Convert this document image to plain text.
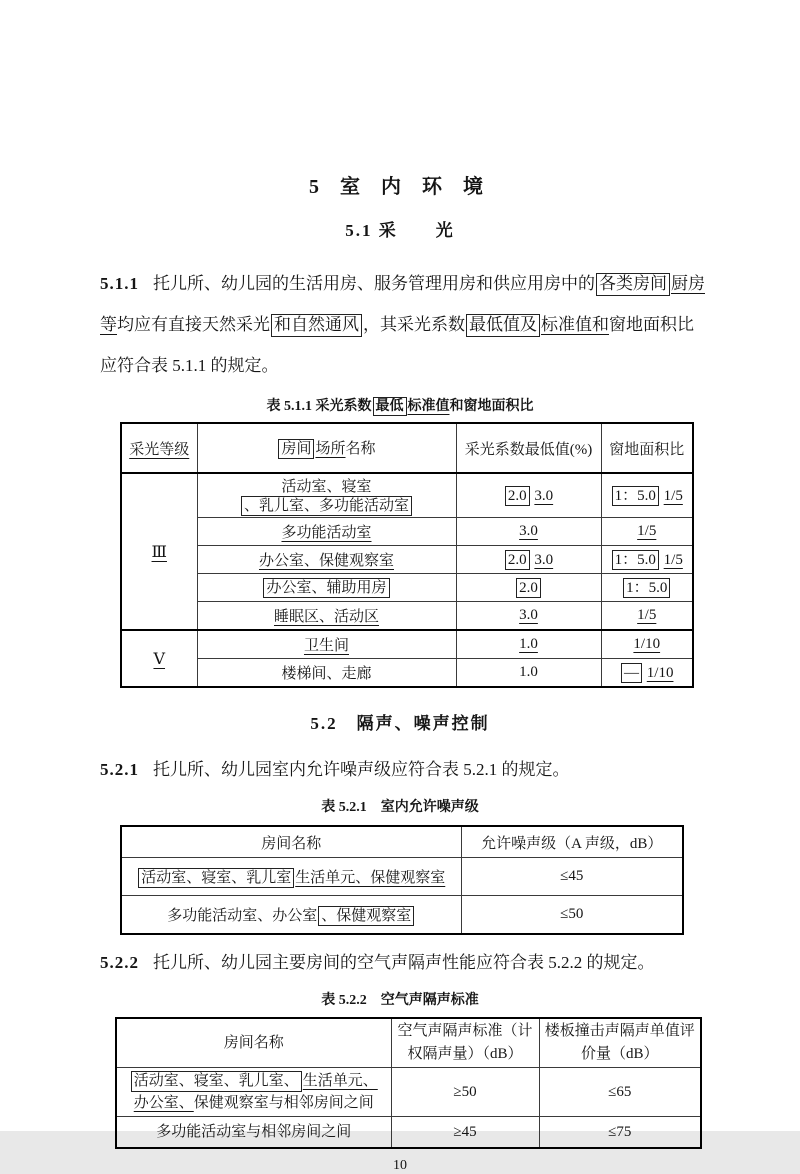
5 室 内 环 境
5.1 采　　光
5.1.1 托儿所、幼儿园的生活用房、服务管理用房和供应用房中的 各类房间 厨房
等均应有直接天然采光 和自然通风 ，其采光系数 最低值及 标准值和窗地面积比
应符合表 5.1.1 的规定。
表 5.1.1 采光系数 最低 标准值和窗地面积比
采光等级	房间 场所名称	采光系数最低值(%)	窗地面积比
Ⅲ	活动室、寝室、乳儿室、多功能活动室	2.0 3.0	1：5.0 1/5
	多功能活动室	3.0	1/5
	办公室、保健观察室	2.0 3.0	1：5.0 1/5
	办公室、辅助用房	2.0	1：5.0
	睡眠区、活动区	3.0	1/5
Ⅴ	卫生间	1.0	1/10
	楼梯间、走廊	1.0	— 1/10
5.2　隔声、噪声控制
5.2.1 托儿所、幼儿园室内允许噪声级应符合表 5.2.1 的规定。
表 5.2.1　室内允许噪声级
房间名称	允许噪声级（A 声级，dB）
活动室、寝室、乳儿室 生活单元、保健观察室	≤45
多功能活动室、办公室 、保健观察室	≤50
5.2.2 托儿所、幼儿园主要房间的空气声隔声性能应符合表 5.2.2 的规定。
表 5.2.2　空气声隔声标准
房间名称	空气声隔声标准（计权隔声量）（dB）	楼板撞击声隔声单值评价量（dB）
活动室、寝室、乳儿室、 生活单元、办公室、保健观察室与相邻房间之间	≥50	≤65
多功能活动室与相邻房间之间	≥45	≤75
10
